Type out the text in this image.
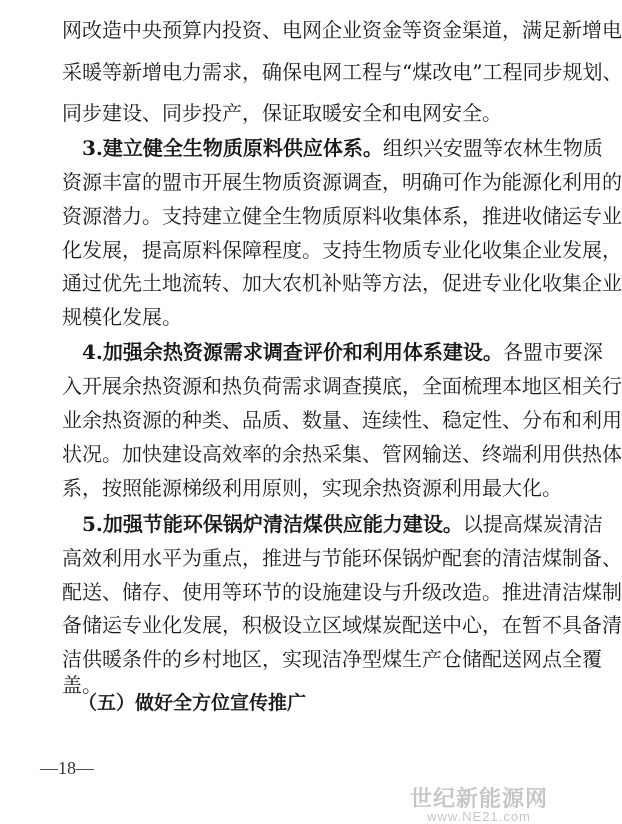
网改造中央预算内投资、电网企业资金等资金渠道，满足新增电
采暖等新增电力需求，确保电网工程与“煤改电”工程同步规划、
同步建设、同步投产，保证取暖安全和电网安全。
3.建立健全生物质原料供应体系。组织兴安盟等农林生物质
资源丰富的盟市开展生物质资源调查，明确可作为能源化利用的
资源潜力。支持建立健全生物质原料收集体系，推进收储运专业
化发展，提高原料保障程度。支持生物质专业化收集企业发展，
通过优先土地流转、加大农机补贴等方法，促进专业化收集企业
规模化发展。
4.加强余热资源需求调查评价和利用体系建设。各盟市要深
入开展余热资源和热负荷需求调查摸底，全面梳理本地区相关行
业余热资源的种类、品质、数量、连续性、稳定性、分布和利用
状况。加快建设高效率的余热采集、管网输送、终端利用供热体
系，按照能源梯级利用原则，实现余热资源利用最大化。
5.加强节能环保锅炉清洁煤供应能力建设。以提高煤炭清洁
高效利用水平为重点，推进与节能环保锅炉配套的清洁煤制备、
配送、储存、使用等环节的设施建设与升级改造。推进清洁煤制
备储运专业化发展，积极设立区域煤炭配送中心，在暂不具备清
洁供暖条件的乡村地区，实现洁净型煤生产仓储配送网点全覆
盖。
（五）做好全方位宣传推广
—18—
世纪新能源网
www.NE21.com
